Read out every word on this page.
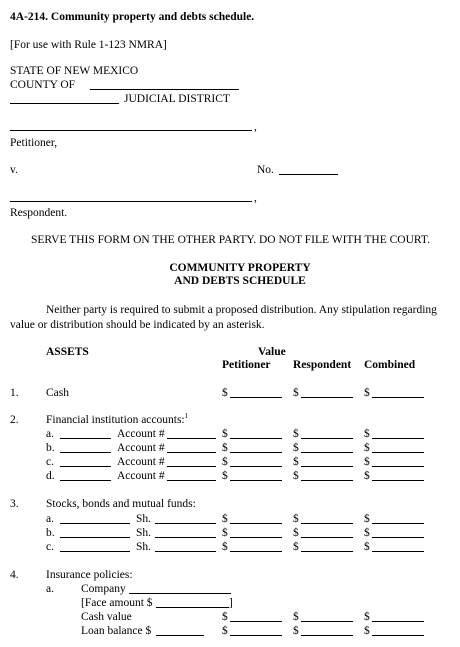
4A-214. Community property and debts schedule.
[For use with Rule 1-123 NMRA]
STATE OF NEW MEXICO
COUNTY OF
JUDICIAL DISTRICT
,
Petitioner,
v.	No.
,
Respondent.
SERVE THIS FORM ON THE OTHER PARTY. DO NOT FILE WITH THE COURT.
COMMUNITY PROPERTY
AND DEBTS SCHEDULE
Neither party is required to submit a proposed distribution. Any stipulation regarding
value or distribution should be indicated by an asterisk.
ASSETS	Value
Petitioner Respondent Combined
1. Cash	$	$	$
2. Financial institution accounts:$^1$
a.	Account #	$	$	$
b.	Account #	$	$	$
c.	Account #	$	$	$
d.	Account #	$	$	$
3. Stocks, bonds and mutual funds:
a.	Sh.	$	$	$
b.	Sh.	$	$	$
c.	Sh.	$	$	$
4. Insurance policies:
a. Company
[Face amount $	]
Cash value	$	$	$
Loan balance $	$	$	$
